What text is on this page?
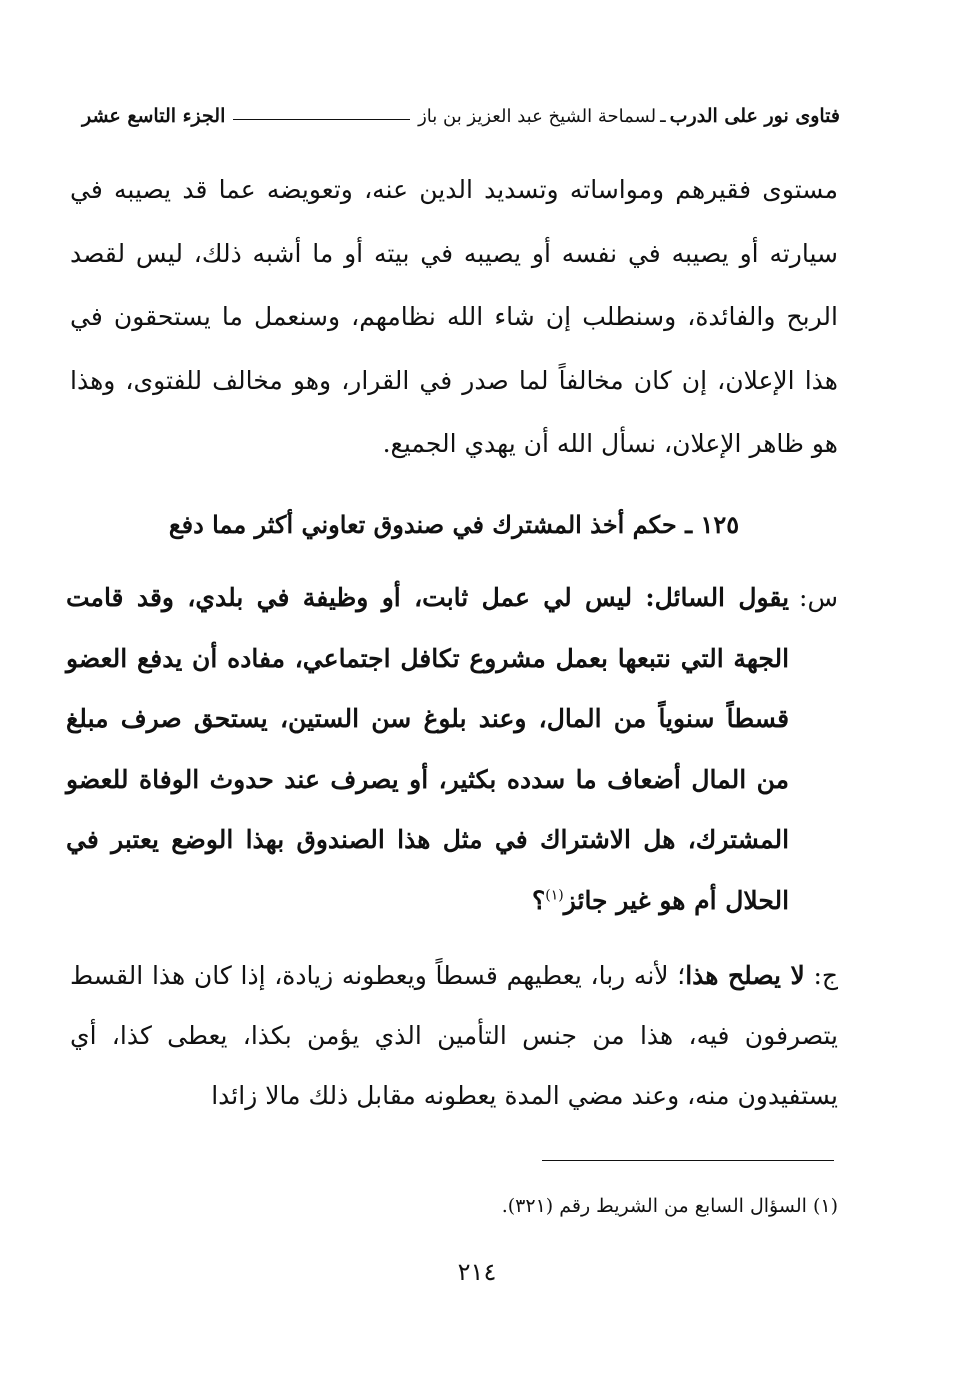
فتاوى نور على الدرب
ـ
لسماحة الشيخ عبد العزيز بن باز
الجزء التاسع عشر
مستوى فقيرهم ومواساته وتسديد الدين عنه، وتعويضه عما قد يصيبه في سيارته أو يصيبه في نفسه أو يصيبه في بيته أو ما أشبه ذلك، ليس لقصد الربح والفائدة، وسنطلب إن شاء الله نظامهم، وسنعمل ما يستحقون في هذا الإعلان، إن كان مخالفاً لما صدر في القرار، وهو مخالف للفتوى، وهذا هو ظاهر الإعلان، نسأل الله أن يهدي الجميع.
١٢٥ ـ حكم أخذ المشترك في صندوق تعاوني أكثر مما دفع
س:
يقول السائل: ليس لي عمل ثابت، أو وظيفة في بلدي، وقد قامت الجهة التي نتبعها بعمل مشروع تكافل اجتماعي، مفاده أن يدفع العضو قسطاً سنوياً من المال، وعند بلوغ سن الستين، يستحق صرف مبلغ من المال أضعاف ما سدده بكثير، أو يصرف عند حدوث الوفاة للعضو المشترك، هل الاشتراك في مثل هذا الصندوق بهذا الوضع يعتبر في الحلال أم هو غير جائز$^{(١)}$؟
ج: لا يصلح هذا؛ لأنه ربا، يعطيهم قسطاً ويعطونه زيادة، إذا كان هذا القسط يتصرفون فيه، هذا من جنس التأمين الذي يؤمن بكذا، يعطى كذا، أي يستفيدون منه، وعند مضي المدة يعطونه مقابل ذلك مالا زائدا
(١) السؤال السابع من الشريط رقم (٣٢١).
٢١٤
